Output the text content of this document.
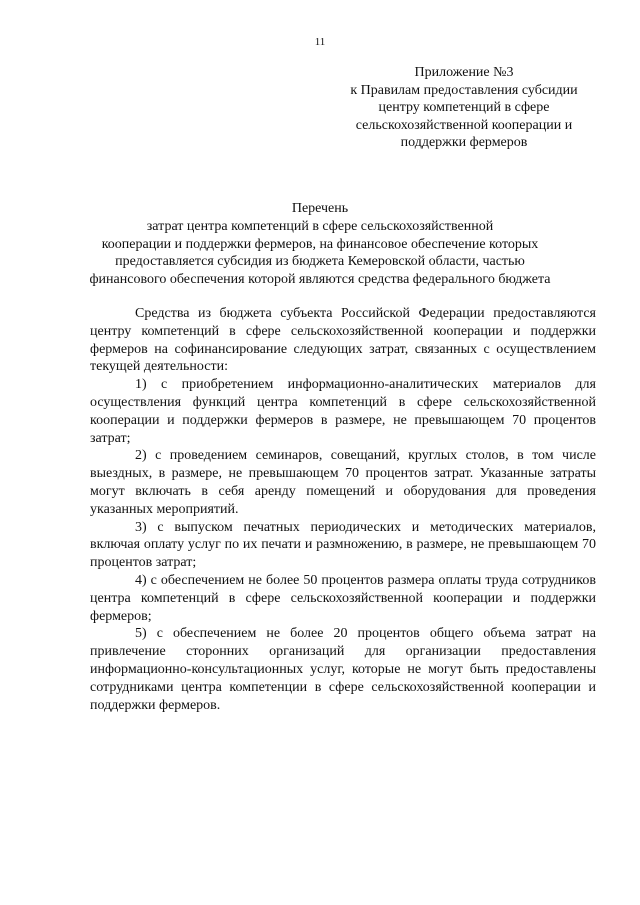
11
Приложение №3
к Правилам предоставления субсидии
центру компетенций в сфере
сельскохозяйственной кооперации и
поддержки фермеров
Перечень
затрат центра компетенций в сфере сельскохозяйственной
кооперации и поддержки фермеров, на финансовое обеспечение которых
предоставляется субсидия из бюджета Кемеровской области, частью
финансового обеспечения которой являются средства федерального бюджета

Средства из бюджета субъекта Российской Федерации предоставляются центру компетенций в сфере сельскохозяйственной кооперации и поддержки фермеров на софинансирование следующих затрат, связанных с осуществлением текущей деятельности:

1) с приобретением информационно-аналитических материалов для осуществления функций центра компетенций в сфере сельскохозяйственной кооперации и поддержки фермеров в размере, не превышающем 70 процентов затрат;

2) с проведением семинаров, совещаний, круглых столов, в том числе выездных, в размере, не превышающем 70 процентов затрат. Указанные затраты могут включать в себя аренду помещений и оборудования для проведения указанных мероприятий.

3) с выпуском печатных периодических и методических материалов, включая оплату услуг по их печати и размножению, в размере, не превышающем 70 процентов затрат;

4) с обеспечением не более 50 процентов размера оплаты труда сотрудников центра компетенций в сфере сельскохозяйственной кооперации и поддержки фермеров;

5) с обеспечением не более 20 процентов общего объема затрат на привлечение сторонних организаций для организации предоставления информационно-консультационных услуг, которые не могут быть предоставлены сотрудниками центра компетенции в сфере сельскохозяйственной кооперации и поддержки фермеров.
